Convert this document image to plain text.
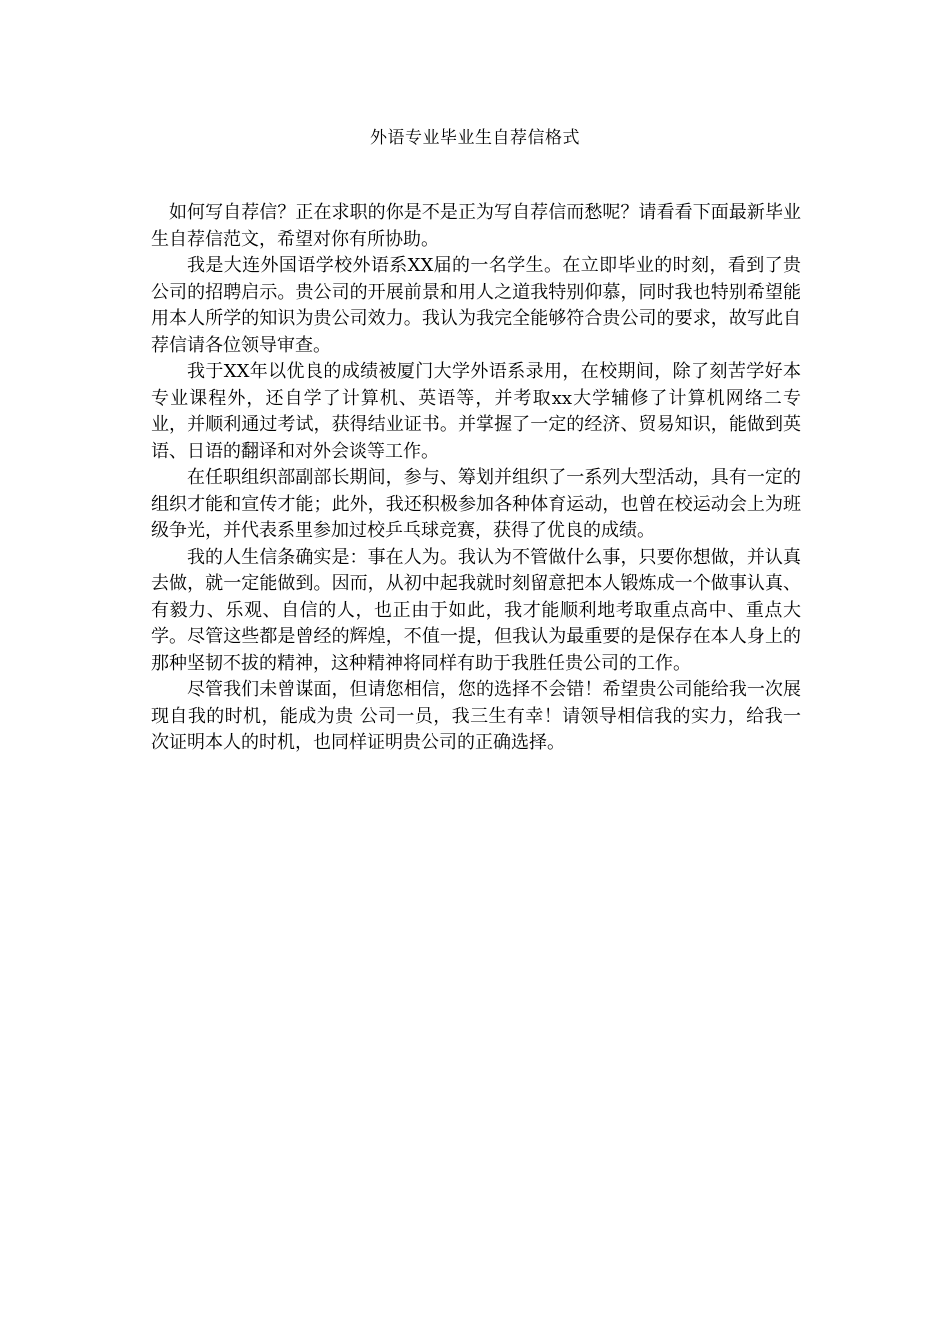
外语专业毕业生自荐信格式

如何写自荐信？正在求职的你是不是正为写自荐信而愁呢？请看看下面最新毕业生自荐信范文，希望对你有所协助。

我是大连外国语学校外语系XX届的一名学生。在立即毕业的时刻，看到了贵公司的招聘启示。贵公司的开展前景和用人之道我特别仰慕，同时我也特别希望能用本人所学的知识为贵公司效力。我认为我完全能够符合贵公司的要求，故写此自荐信请各位领导审查。

我于XX年以优良的成绩被厦门大学外语系录用，在校期间，除了刻苦学好本专业课程外，还自学了计算机、英语等，并考取xx大学辅修了计算机网络二专业，并顺利通过考试，获得结业证书。并掌握了一定的经济、贸易知识，能做到英语、日语的翻译和对外会谈等工作。

在任职组织部副部长期间，参与、筹划并组织了一系列大型活动，具有一定的组织才能和宣传才能；此外，我还积极参加各种体育运动，也曾在校运动会上为班级争光，并代表系里参加过校乒乓球竞赛，获得了优良的成绩。

我的人生信条确实是：事在人为。我认为不管做什么事，只要你想做，并认真去做，就一定能做到。因而，从初中起我就时刻留意把本人锻炼成一个做事认真、有毅力、乐观、自信的人，也正由于如此，我才能顺利地考取重点高中、重点大学。尽管这些都是曾经的辉煌，不值一提，但我认为最重要的是保存在本人身上的那种坚韧不拔的精神，这种精神将同样有助于我胜任贵公司的工作。

尽管我们未曾谋面，但请您相信，您的选择不会错！希望贵公司能给我一次展现自我的时机，能成为贵 公司一员，我三生有幸！请领导相信我的实力，给我一次证明本人的时机，也同样证明贵公司的正确选择。
